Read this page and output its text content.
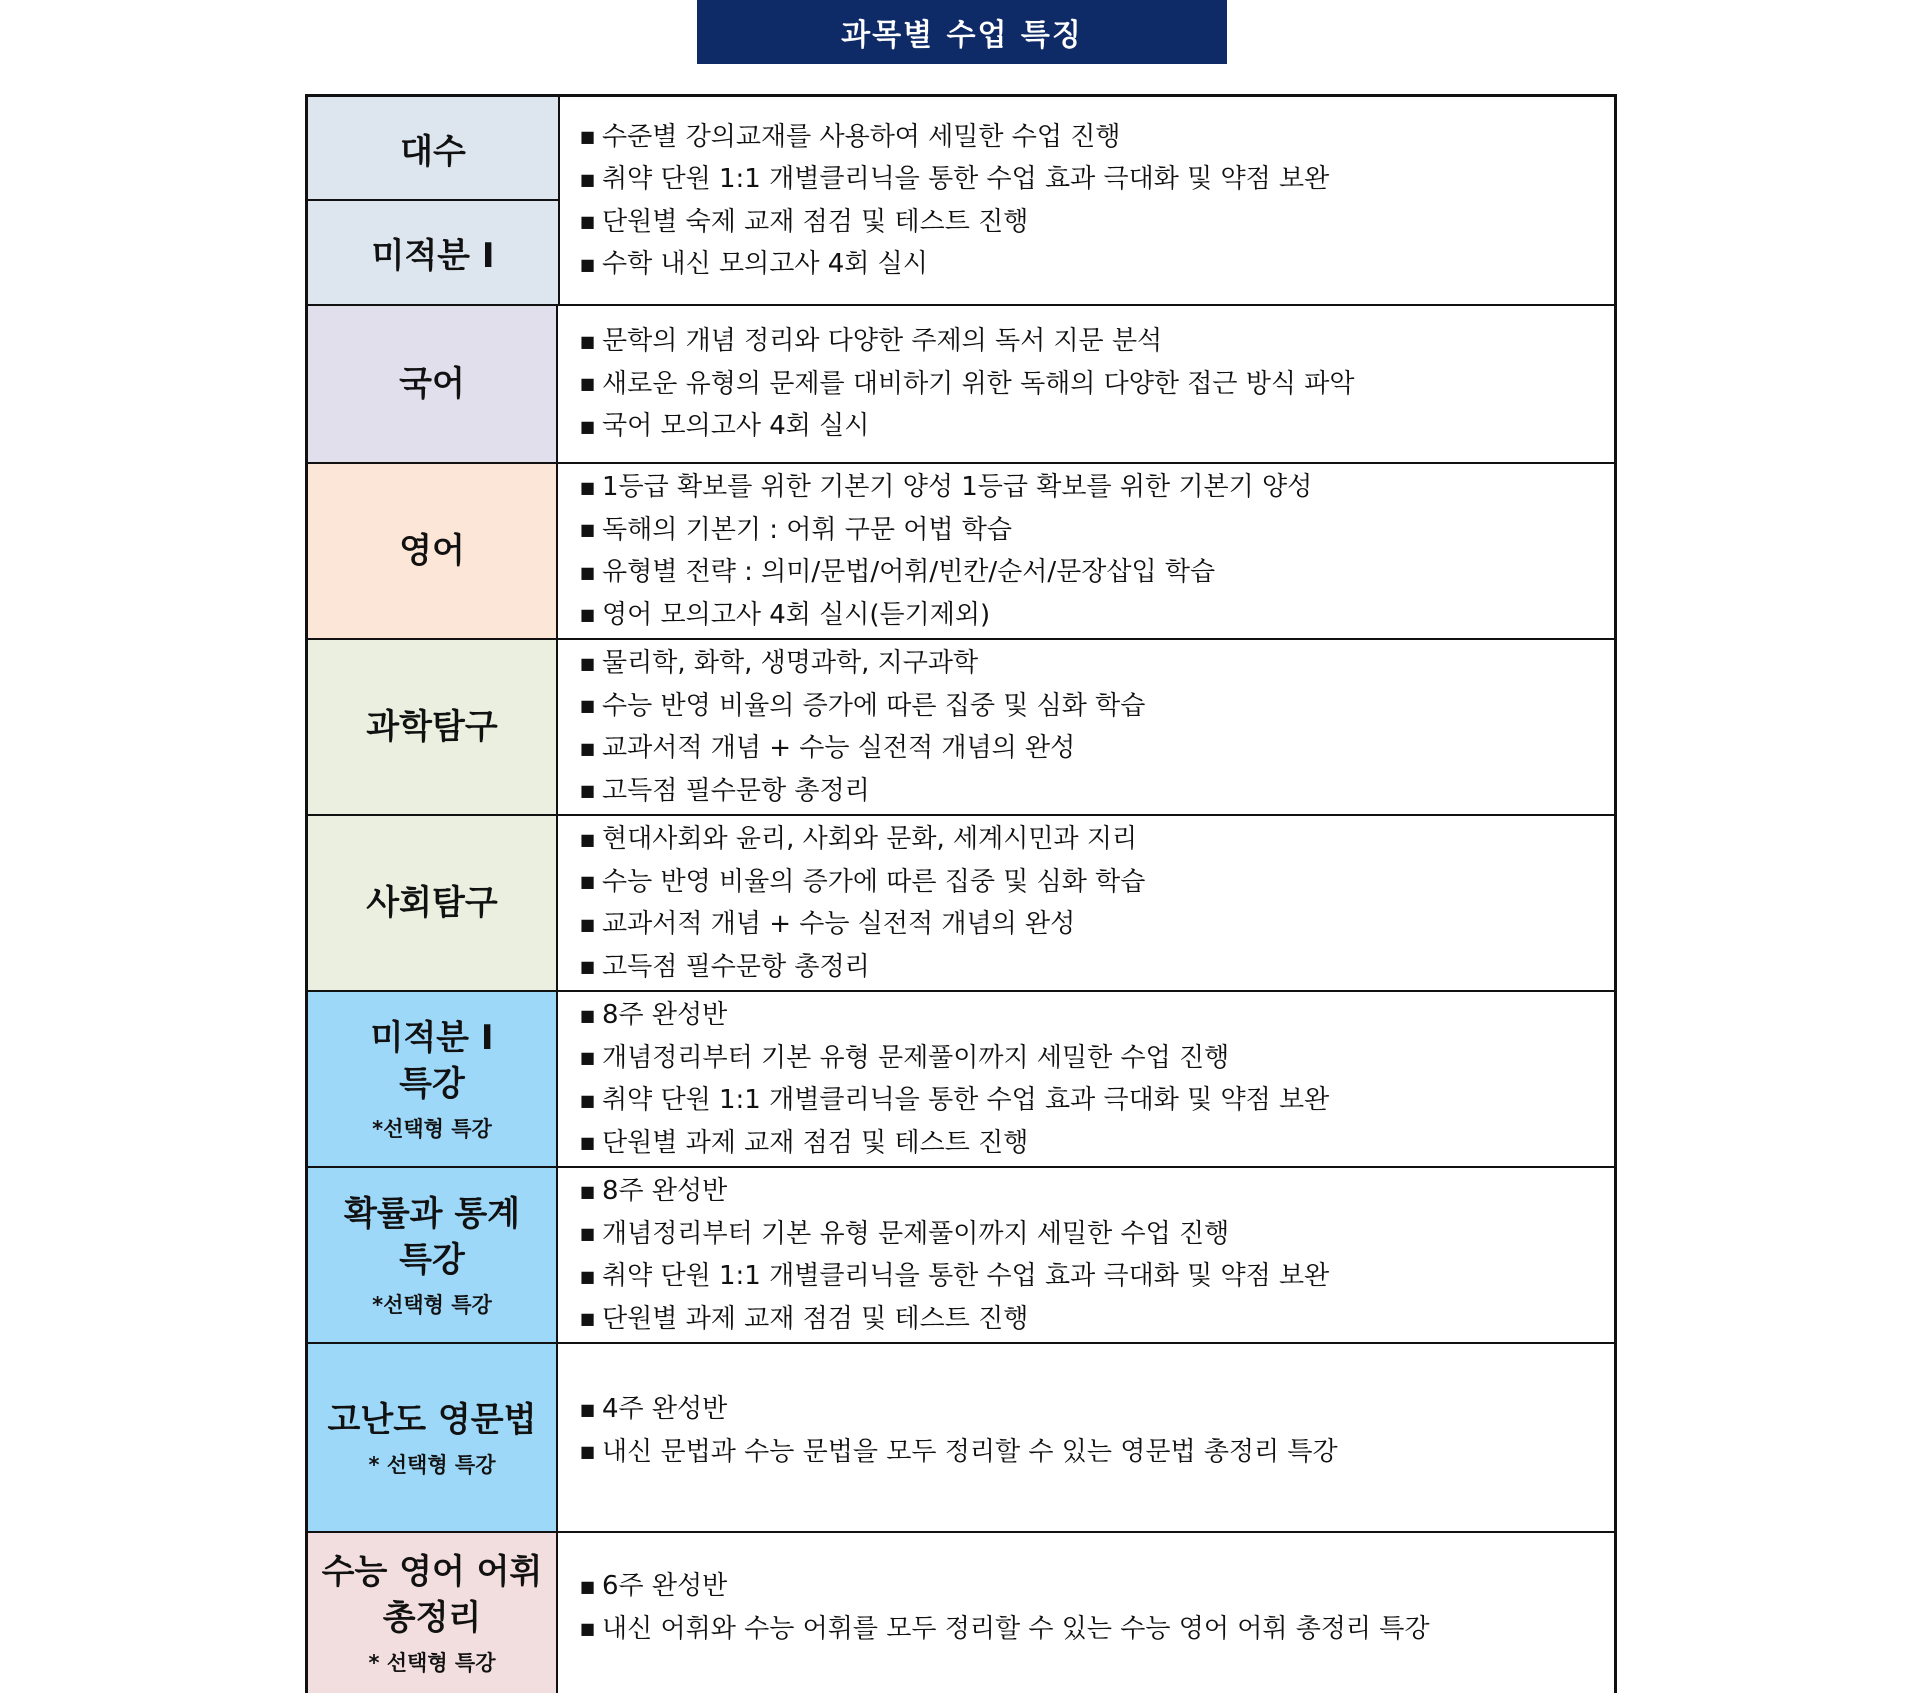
과목별 수업 특징
대수
미적분 I
■ 수준별 강의교재를 사용하여 세밀한 수업 진행
■ 취약 단원 1:1 개별클리닉을 통한 수업 효과 극대화 및 약점 보완
■ 단원별 숙제 교재 점검 및 테스트 진행
■ 수학 내신 모의고사 4회 실시
국어
■ 문학의 개념 정리와 다양한 주제의 독서 지문 분석
■ 새로운 유형의 문제를 대비하기 위한 독해의 다양한 접근 방식 파악
■ 국어 모의고사 4회 실시
영어
■ 1등급 확보를 위한 기본기 양성 1등급 확보를 위한 기본기 양성
■ 독해의 기본기 : 어휘 구문 어법 학습
■ 유형별 전략 : 의미/문법/어휘/빈칸/순서/문장삽입 학습
■ 영어 모의고사 4회 실시(듣기제외)
과학탐구
■ 물리학, 화학, 생명과학, 지구과학
■ 수능 반영 비율의 증가에 따른 집중 및 심화 학습
■ 교과서적 개념 + 수능 실전적 개념의 완성
■ 고득점 필수문항 총정리
사회탐구
■ 현대사회와 윤리, 사회와 문화, 세계시민과 지리
■ 수능 반영 비율의 증가에 따른 집중 및 심화 학습
■ 교과서적 개념 + 수능 실전적 개념의 완성
■ 고득점 필수문항 총정리
미적분 I
특강
*선택형 특강
■ 8주 완성반
■ 개념정리부터 기본 유형 문제풀이까지 세밀한 수업 진행
■ 취약 단원 1:1 개별클리닉을 통한 수업 효과 극대화 및 약점 보완
■ 단원별 과제 교재 점검 및 테스트 진행
확률과 통계
특강
*선택형 특강
■ 8주 완성반
■ 개념정리부터 기본 유형 문제풀이까지 세밀한 수업 진행
■ 취약 단원 1:1 개별클리닉을 통한 수업 효과 극대화 및 약점 보완
■ 단원별 과제 교재 점검 및 테스트 진행
고난도 영문법
* 선택형 특강
■ 4주 완성반
■ 내신 문법과 수능 문법을 모두 정리할 수 있는 영문법 총정리 특강
수능 영어 어휘
총정리
* 선택형 특강
■ 6주 완성반
■ 내신 어휘와 수능 어휘를 모두 정리할 수 있는 수능 영어 어휘 총정리 특강
